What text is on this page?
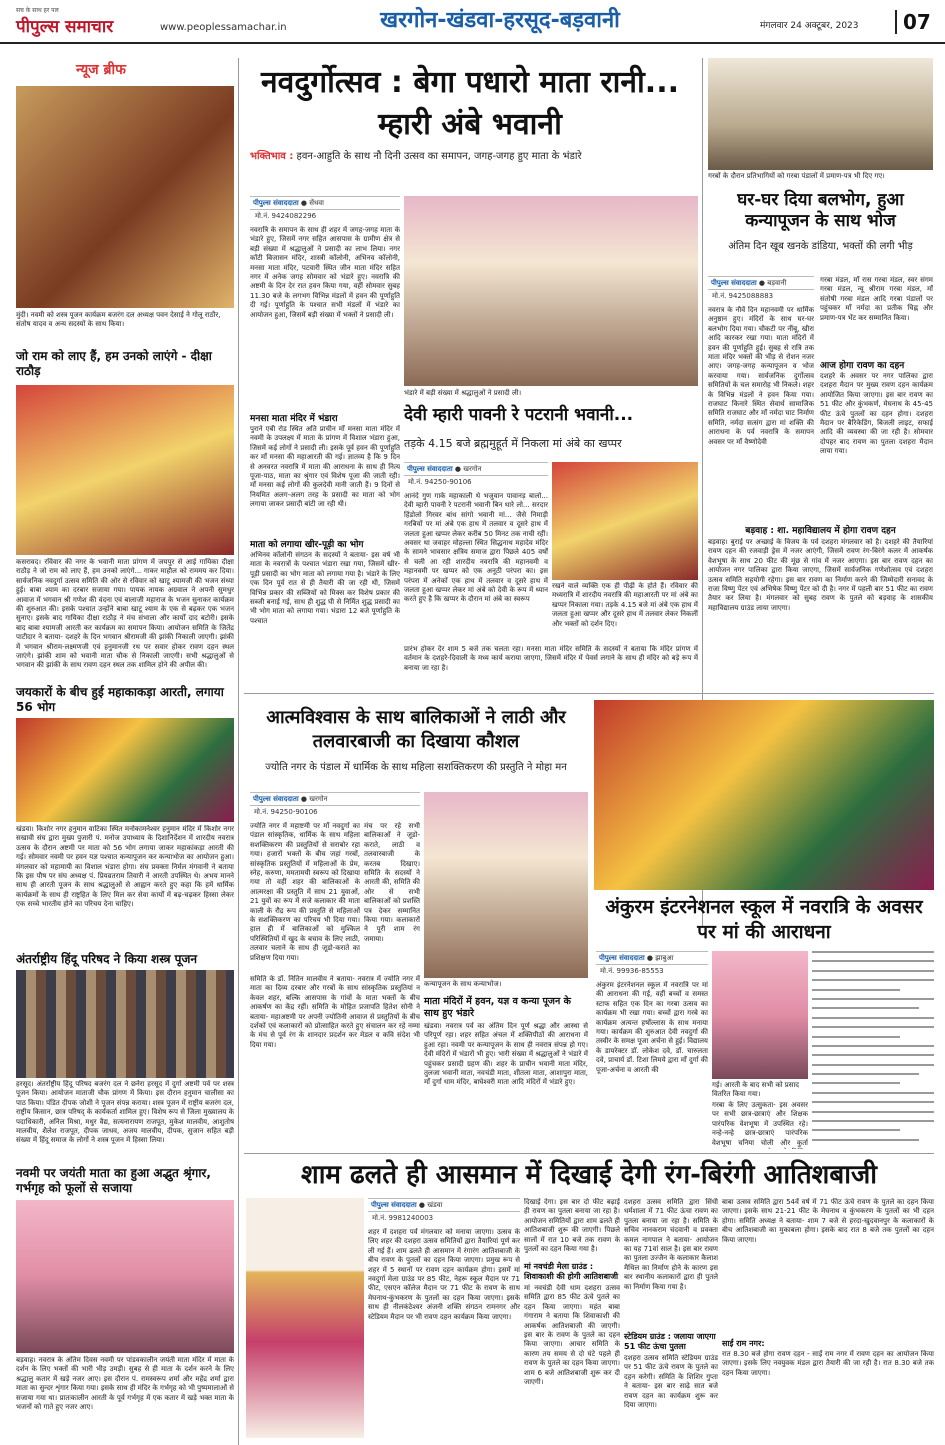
सच के साथ हर पल
पीपुल्स समाचार	www.peoplessamachar.in	खरगोन-खंडवा-हरसूद-बड़वानी	मंगलवार 24 अक्टूबर, 2023	07
न्यूज ब्रीफ
मुंदी। नवमी को शस्त्र पूजन कार्यक्रम बजरंग दल अध्यक्ष पवन देसाई ने गोलू राठौर, संतोष यादव व अन्य सदस्यों के साथ किया।
जो राम को लाए हैं, हम उनको लाएंगे - दीक्षा राठौड़
कसरावद। रविवार की नगर के भवानी माता प्रांगण में जयपुर से आई गायिका दीक्षा राठौड़ ने जो राम को लाए हैं, हम उनको लाएंगे... गाकर माहौल को राममय कर दिया। सार्वजनिक नवदुर्गा उत्सव समिति की ओर से रविवार को खाटू श्यामजी की भजन संध्या हुई। बाबा श्याम का दरबार सजाया गया। पायक नायक अग्रवाल ने अपनी सुमधुर आवाज में भगवान श्री गणेश की वंदना एवं बालाजी महाराज के भजन सुनाकर कार्यक्रम की शुरुआत की। इसके पश्चात उन्होंने बाबा खाटू श्याम के एक से बढ़कर एक भजन सुनाए। इसके बाद गायिका दीक्षा राठौड़ ने मंच संभाला और कार्यों दाद बटोरी। इसके बाद बाबा श्यामजी आरती कर कार्यक्रम का समापन किया। आयोजन समिति के जितेंद्र पाटीदार ने बताया- दशहरे के दिन भगवान श्रीरामजी की झांकी निकाली जाएगी। झांकी में भगवान श्रीराम-लक्ष्मणजी एवं हनुमानजी रथ पर सवार होकर रावण दहन स्थल जाएंगे। झांकी शाम को भवानी माता चौक से निकाली जाएगी। सभी श्रद्धालुओं से भगवान की झांकी के साथ रावण दहन स्थल तक शामिल होने की अपील की।
जयकारों के बीच हुई महाकाकड़ा आरती, लगाया 56 भोग
खंडवा। किशोर नगर हनुमान वाटिका स्थित मनोकामनेश्वर हनुमान मंदिर में किशोर नगर सखावी संघ द्वारा मुख्य पुजारी पं. मनोज उपाध्याय के दिशानिर्देशन में शारदीय नवरात्र उत्सव के दौरान अष्टमी पर माता को 56 भोग लगाया जाकर महाकांकड़ा आरती की गई। सोमवार नवमी पर हवन यज्ञ पश्चात कन्यापूजन कर कन्याभोज का आयोजन हुआ। मंगलवार को महामायी का विशाल भंडारा होगा। संघ प्रवक्ता निर्मल मंगवानी ने बताया कि इस पौष पर संघ अध्यक्ष पं. प्रियव्रतराम तिवारी ने आरती उपस्थित थे। अभय मानने साथ ही आरती पूजन के साथ श्रद्धालुओं से आह्वान करते हुए कहा कि हमें धार्मिक कार्यक्रमों के साथ ही राष्ट्रहित के लिए मिल कर सेवा कार्यों में बढ़-चढ़कर हिस्सा लेकर एक सच्चे भारतीय होने का परिचय देना चाहिए।
अंतर्राष्ट्रीय हिंदू परिषद ने किया शस्त्र पूजन
हरसूद। अंतर्राष्ट्रीय हिंदू परिषद बजरंग दल ने छनेरा हरसूद में दुर्गा अष्टमी पर्व पर शस्त्र पूजन किया। आयोजन माताजी चौक प्रांगण में किया। इस दौरान हनुमान चालीसा का पाठ किया। पंडित दीपक जोशी ने पूजन संपन्न कराया। शस्त्र पूजन में राष्ट्रीय बजरंग दल, राष्ट्रीय किसान, छात्र परिषद् के कार्यकर्ता शामिल हुए। विशेष रूप से जिला मुख्यालय के पदाधिकारी, अनिल मिश्रा, मधुर वैद्य, सत्यनारायण राजपूत, मुकेश मालवीय, आशुतोष मालवीय, शैलेश राजपूत, दीपक जाधव, अजय मालवीय, दीपक, सुजान सहित बड़ी संख्या में हिंदू समाज के लोगों ने शस्त्र पूजन में हिस्सा लिया।
नवमी पर जयंती माता का हुआ अद्भुत श्रृंगार, गर्भगृह को फूलों से सजाया
बड़वाह। नवरात्र के अंतिम दिवस नवमी पर पांडवकालीन जयंती माता मंदिर में माता के दर्शन के लिए भक्तों की भारी भीड़ उमड़ी। सुबह से ही माता के दर्शन करने के लिए श्रद्धालु कतार में खड़े नजर आए। इस दौरान पं. रामस्वरूप शर्मा और महेंद्र शर्मा द्वारा माता का सुन्दर शृंगार किया गया। इसके साथ ही मंदिर के गर्भगृह को भी पुष्पमालाओं से सजाया गया था। प्रातःकालीन आरती के पूर्व गर्भगृह में एक कतार में खड़े भक्त माता के भजनों को गाते हुए नजर आए।
नवदुर्गोत्सव : बेगा पधारो माता रानी... म्हारी अंबे भवानी
भक्तिभाव : हवन-आहुति के साथ नौ दिनी उत्सव का समापन, जगह-जगह हुए माता के भंडारे
पीपुल्स संवाददाता ● सेंधवा
मो.नं. 9424082296
नवरात्रि के समापन के साथ ही शहर में जगह-जगह माता के भंडारे हुए, जिसमें नगर सहित आसपास के ग्रामीण क्षेत्र से बड़ी संख्या में श्रद्धालुओं ने प्रसादी का लाभ लिया। नगर कॉटी बिजासन मंदिर, शास्त्री कॉलोनी, अभिनव कॉलोनी, मनसा माता मंदिर, पटवारी स्थित जीन माता मंदिर सहित नगर में अनेक जगह सोमवार को भंडारे हुए। नवरात्रि की अष्टमी के दिन देर रात हवन किया गया, वहीं सोमवार सुबह 11.30 बजे के लगभग विभिन्न मंडलों में हवन की पूर्णाहुति दी गई। पूर्णाहुति के पश्चात सभी मंडलों में भंडारे का आयोजन हुआ, जिसमें बड़ी संख्या में भक्तों ने प्रसादी ली।
मनसा माता मंदिर में भंडारा
पुराने एबी रोड स्थित अति प्राचीन माँ मनसा माता मंदिर में नवमी के उपलक्ष्य में माता के प्रांगण में विशाल भंडारा हुआ, जिसमें कई लोगों ने प्रसादी ली। इसके पूर्व हवन की पूर्णाहुति कर माँ मनसा की महाआरती की गई। ज्ञातव्य है कि 9 दिन से अनवरत नवरात्रि में माता की आराधना के साथ ही नित्य पूजा-पाठ, माता का श्रृंगार एवं विशेष पूजा की जाती रही। माँ मनसा कई लोगों की कुलदेवी मानी जाती हैं। 9 दिनों से नियमित अलग-अलग तरह के प्रसादी का माता को भोग लगाया जाकर प्रसादी बांटी जा रही थी।
माता को लगाया खीर-पूड़ी का भोग
अभिनव कॉलोनी संगठन के सदस्यों ने बताया- इस वर्ष भी माता के नवरात्रों के पश्चात भंडारा रखा गया, जिसमें खीर-पूड़ी प्रसादी का भोग माता को लगाया गया है। भंडारे के लिए एक दिन पूर्व रात से ही तैयारी की जा रही थी, जिसमें विभिन्न प्रकार की सब्जियों को मिक्स कर विशेष प्रकार की सब्जी बनाई गई, साथ ही शुद्ध घी से निर्मित शुद्ध प्रसादी का भी भोग माता को लगाया गया। भंडारा 12 बजे पूर्णाहुति के पश्चात
भंडारे में बड़ी संख्या में श्रद्धालुओं ने प्रसादी ली।
देवी म्हारी पावनी रे पटरानी भवानी...
तड़के 4.15 बजे ब्रह्ममुहूर्त में निकला मां अंबे का खप्पर
पीपुल्स संवाददाता ● खरगोन
मो.नं. 94250-90106
आनंदे गुण गाके महाकाली थे भजुवान पावानड़ बालो... देवी म्हारी पावनी रे पटरानी भवानी बिन थारे लो... सरदार हिंडोलो गिरवर बांध सांगो भवानी मां... जैसे निमाड़ी गरबियों पर मां अंबे एक हाथ में तलवार व दूसरे हाथ में जलता हुआ खप्पर लेकर करीब 50 मिनट तक नाची रहीं। अवसर था जवाहर मोहल्ला स्थित सिद्धनाथ महादेव मंदिर के सामने भावसार क्षत्रिय समाज द्वारा पिछले 405 वर्षों से चली आ रही शारदीय नवरात्रि की महानवमी व महानवमी पर खप्पर को एक अनूठी परंपरा का। इस परंपरा में अनेकों एक हाथ में तलवार व दूसरे हाथ में जलता हुआ खप्पर लेकर मां अंबे को देवी के रूप में ध्यान करते हुए है कि खप्पर के दौरान मां अंबे का स्वरूप
रखने वाले व्यक्ति एक ही पीढ़ी के होते हैं। रविवार की मध्यरात्रि में शारदीय नवरात्रि की महाआरती पर मां अंबे का खप्पर निकाला गया। तड़के 4.15 बजे मां अंबे एक हाथ में जलता हुआ खप्पर और दूसरे हाथ में तलवार लेकर निकलीं और भक्तों को दर्शन दिए।
प्रारंभ होकर देर शाम 5 बजे तक चलता रहा। मनसा माता मंदिर समिति के सदस्यों ने बताया कि मंदिर प्रांगण में वर्तमान के दशहरे-दिवाली के मध्य कार्य कराया जाएगा, जिसमें मंदिर में पेवर्स लगाने के साथ ही मंदिर को बड़े रूप में बनाया जा रहा है।
गरबों के दौरान प्रतिभागियों को गरबा पंडालों में प्रमाण-पत्र भी दिए गए।
घर-घर दिया बलभोग, हुआ कन्यापूजन के साथ भोज
अंतिम दिन खूब खनके डांडिया, भक्तों की लगी भीड़
पीपुल्स संवाददाता ● बड़वानी
मो.नं. 9425088883
नवरात्र के नौवें दिन महानवमी पर धार्मिक अनुष्ठान हुए। मंदिरों के साथ घर-घर बलभोग दिया गया। चौकटी पर नींबू, खीरा आदि कारकर रखा गया। माता मंदिरों में हवन की पूर्णाहुति हुई। सुबह से रात्रि तक माता मंदिर भक्तों की भीड़ से रोशन नजर आए। जगह-जगह कन्यापूजन व भोज करवाया गया। सार्वजनिक दुर्गोत्सव समितियों के चल समारोह भी निकले। शहर के विभिन्न मंडलों ने हवन किया गया। राजघाट किनारे स्थित सेवार्थ सामाजिक समिति राजघाट और माँ नर्मदा घाट निर्माण समिति, नर्मदा सत्संग द्वारा मां शक्ति की आराधना के पर्व नवरात्रि के समापन अवसर पर माँ वैष्णोदेवी
गरबा मंडल, माँ रास गरबा मंडल, स्वर संगम गरबा मंडल, न्यू श्रीराम गरबा मंडल, माँ संतोषी गरबा मंडल आदि गरबा पंडालों पर पहुंचकर माँ नर्मदा का प्रतीक चिह्न और प्रमाण-पत्र भेंट कर सम्मानित किया।
आज होगा रावण का दहन
दशहरे के अवसर पर नगर पालिका द्वारा दशहरा मैदान पर मुख्य रावण दहन कार्यक्रम आयोजित किया जाएगा। इस बार रावण का 51 फीट और कुंभकर्ण, मेघनाथ के 45-45 फीट ऊंचे पुतलों का दहन होगा। दशहरा मैदान पर बैरिकेडिंग, बिजली लाइट, सफाई आदि की व्यवस्था की जा रही है। सोमवार दोपहर बाद रावण का पुतला दशहरा मैदान लाया गया।
बड़वाह : शा. महाविद्यालय में होगा रावण दहन
बड़वाह। बुराई पर अच्छाई के विजय के पर्व दशहरा मंगलवार को है। दशहरे की तैयारियां रावण दहन की रजवाड़ी ड्रेस में नजर आएंगी, जिसमें रावण रंग-बिरंगे कलर में आकर्षक वेशभूषा के साथ 20 फीट की मूंछ से गांव में नजर आएगा। इस बार रावण दहन का आयोजन नगर पालिका द्वारा किया जाएगा, जिसमें सार्वजनिक गणेशोत्सव एवं दशहरा उत्सव समिति सहयोगी रहेगा। इस बार रावण का निर्माण करने की जिम्मेदारी सनावद के राजा विष्णु पेंटर एवं अभिषेक विष्णु पेंटर को दी है। नगर में पहली बार 51 फीट का रावण तैयार कर लिया है। मंगलवार को सुबह रावण के पुतले को बड़वाह के शासकीय महाविद्यालय ग्राउंड लाया जाएगा।
आत्मविश्वास के साथ बालिकाओं ने लाठी और तलवारबाजी का दिखाया कौशल
ज्योति नगर के पंडाल में धार्मिक के साथ महिला सशक्तिकरण की प्रस्तुति ने मोहा मन
पीपुल्स संवाददाता ● खरगोन
मो.नं. 94250-90106
ज्योति नगर में महाष्टमी पर माँ नवदुर्गा का पंडाल सांस्कृतिक, धार्मिक के साथ महिला सशक्तिकरण की प्रस्तुतियों से सराबोर रहा गया। हजारों भक्तों के बीच जहां गरबों, सांस्कृतिक प्रस्तुतियों में महिलाओं के प्रेम, स्नेह, करुणा, ममतामयी स्वरूप को दिखाया गया तो वहीं शहर की बालिकाओं के आत्मरक्षा की प्रस्तुति में साथ 21 युवाओं, 21 युवों का रूप में सजे कलाकार की माता काली के रौद्र रूप की प्रस्तुति से महिलाओं के सशक्तिकरण का परिचय भी दिया गया। हाल ही में बालिकाओं को मुश्किल परिस्थितियों में खुद के बचाव के लिए लाठी, तलवार चलाने के साथ ही जूडो-कराते का प्रशिक्षण दिया गया।
मंच पर रहे सभी बालिकाओं ने जूडो-कराते, लाठी व तलवारबाजी के करतब दिखाए। समिति के सदस्यों ने आरती की, समिति की ओर से सभी बालिकाओं को प्रशस्ति पत्र देकर सम्मानित किया गया। कलाकारों ने पूरी शाम रंग जमाया।
कन्यापूजन के साथ कन्याभोज।
समिति के डॉ. नितिन मालवीय ने बताया- नवरात्र में ज्योति नगर में माता का दिव्य दरबार और गरबों के साथ सांस्कृतिक प्रस्तुतियां न केवल शहर, बल्कि आसपास के गांवों के माता भक्तों के बीच आकर्षण का केंद्र रहीं। समिति के मोहित प्रजापति हितेश सोनी ने बताया- महाअष्टमी पर अपनी ज्योतिनी आवाज से प्रस्तुतियों के बीच दर्शकों एवं कलाकारों को प्रोत्साहित करते हुए संचालन कर रहे नम्मा के मंच से पूर्व रंग के शानदार प्रदर्शन कर मेडल व कवि संदेश भी दिया गया।
माता मंदिरों में हवन, यज्ञ व कन्या पूजन के साथ हुए भंडारे
खंडवा। नवरात्र पर्व का अंतिम दिन पूर्ण श्रद्धा और आस्था से परिपूर्ण रहा। शहर सहित अंचल में शक्तिपीठों की आराधना में हुआ रहा। नवमी पर कन्यापूजन के साथ ही नवरात्र संपन्न हो गए। देवी मंदिरों में भंडारों भी हुए। भारी संख्या में श्रद्धालुओं ने भंडारे में पहुंचकर प्रसादी ग्रहण की। शहर के प्राचीन भवानी माता मंदिर, तुलजा भवानी माता, नवचंडी माता, शीतला माता, आशापुरा माता, माँ दुर्गा धाम मंदिर, बाघेश्वरी माता आदि मंदिरों में भंडारे हुए।
अंकुरम इंटरनेशनल स्कूल में नवरात्रि के अवसर पर मां की आराधना
पीपुल्स संवाददाता ● झाबुआ
मो.नं. 99936-85553
अंकुरम इंटरनेशनल स्कूल में नवरात्रि पर मां की आराधना की गई, वहीं बच्चों व समस्त स्टाफ सहित एक दिन का गरबा उत्सव का कार्यक्रम भी रखा गया। बच्चों द्वारा गरबे का कार्यक्रम अत्यन्त हर्षोल्लास के साथ मनाया गया। कार्यक्रम की शुरुआत देवी नवदुर्गा की तस्वीर के समक्ष पूजा अर्चना से हुई। विद्यालय के डायरेक्टर डॉ. लोकेश दवे, डॉ. चारुलता दवे, प्राचार्य डॉ. टिशा लिमये द्वारा माँ दुर्गा की पूजा-अर्चना व आरती की
गई। आरती के बाद सभी को प्रसाद वितरित किया गया।
गरबा के लिए उत्सुकता- इस अवसर पर सभी छात्र-छात्राएं और शिक्षक पारंपरिक वेशभूषा में उपस्थित रहे। नन्हे-नन्हे छात्र-छात्राएं पारंपरिक वेशभूषा चनिया चोली और कुर्ता
शाम ढलते ही आसमान में दिखाई देगी रंग-बिरंगी आतिशबाजी
पीपुल्स संवाददाता ● खंडवा
मो.नं. 9981240003
शहर में दशहरा पर्व मंगलवार को मनाया जाएगा। उत्सव के लिए शहर की दशहरा उत्सव समितियों द्वारा तैयारियां पूर्ण कर ली गई हैं। शाम ढलते ही आसमान में रंगारंग आतिशबाजी के बीच रावण के पुतलों का दहन किया जाएगा। प्रमुख रूप से शहर में 5 स्थानों पर रावण दहन कार्यक्रम होगा। इसमें मां नवदुर्गा मेला ग्राउंड पर 85 फीट, नेहरू स्कूल मैदान पर 71 फीट, एसएन कॉलेज मैदान पर 71 फीट के रावण के साथ मेघनाथ-कुंभकरण के पुतलों का दहन किया जाएगा। इसके साथ ही नीलकंठेश्वर अंजनी शक्ति संगठन रामनगर और स्टेडियम मैदान पर भी रावण दहन कार्यक्रम किया जाएगा।
दिखाई देगा। इस बार दो फीट बढ़ाई ही रावण का पुतला बनाया जा रहा है। आयोजन समितियों द्वारा शाम ढलते ही आतिशबाजी शुरू की जाएगी। पिछले सालों में रात 10 बजे तक रावण के पुतलों का दहन किया गया है।
मां नवचंडी मेला ग्राउंड : शिवाकाशी की होगी आतिशबाजी
मां नवचंडी देवी धाम दशहरा उत्सव समिति द्वारा 85 फीट ऊंचे पुतले का दहन किया जाएगा। महंत बाबा गंगाराम ने बताया कि शिवाकाशी की आकर्षक आतिशबाजी की जाएगी। इस बार के रावण के पुतले का दहन किया जाएगा। आचार समिति के कारण तय समय से दो घंटे पहले ही रावण के पुतले का दहन किया जाएगा। शाम 6 बजे आतिशबाजी शुरू कर दी जाएगी।
दशहरा उत्सव समिति द्वारा सिंधी धर्मशाला में 71 फीट ऊंचा रावण का पुतला बनाया जा रहा है। समिति के सचिव नानकराम चंदवानी व प्रवक्ता कमल नागपाल ने बताया- आयोजन का यह 71वां साल है। इस बार रावण का पुतला उज्जैन के कलाकार कैलाश मैथिल का निर्माण होने के कारण इस बार स्थानीय कलाकारों द्वारा ही पुतले का निर्माण किया गया है।
स्टेडियम ग्राउंड : जलाया जाएगा 51 फीट ऊंचा पुतला
दशहरा उत्सव समिति स्टेडियम ग्राउंड पर 51 फीट ऊंचे रावण के पुतले का दहन करेगी। समिति के शिशिर गुप्ता ने बताया- इस बार साढ़े सात बजे रावण दहन का कार्यक्रम शुरू कर दिया जाएगा।
बाबा उत्सव समिति द्वारा 54वें वर्ष में 71 फीट ऊंचे रावण के पुतले का दहन किया जाएगा। इसके साथ 21-21 फीट के मेघनाथ व कुंभकरण के पुतलों का भी दहन होगा। समिति अध्यक्ष ने बताया- शाम 7 बजे से हरदा-खुदवानपुर के कलाकारों के बीच आतिशबाजी का मुकाबला होगा। इसके बाद रात 8 बजे तक पुतलों का दहन किया जाएगा।
साईं राम नगर:
रात 8.30 बजे होगा रावण दहन - साईं राम नगर में रावण दहन का आयोजन किया जाएगा। इसके लिए नवयुवक मंडल द्वारा तैयारी की जा रही है। रात 8.30 बजे तक दहन किया जाएगा।
